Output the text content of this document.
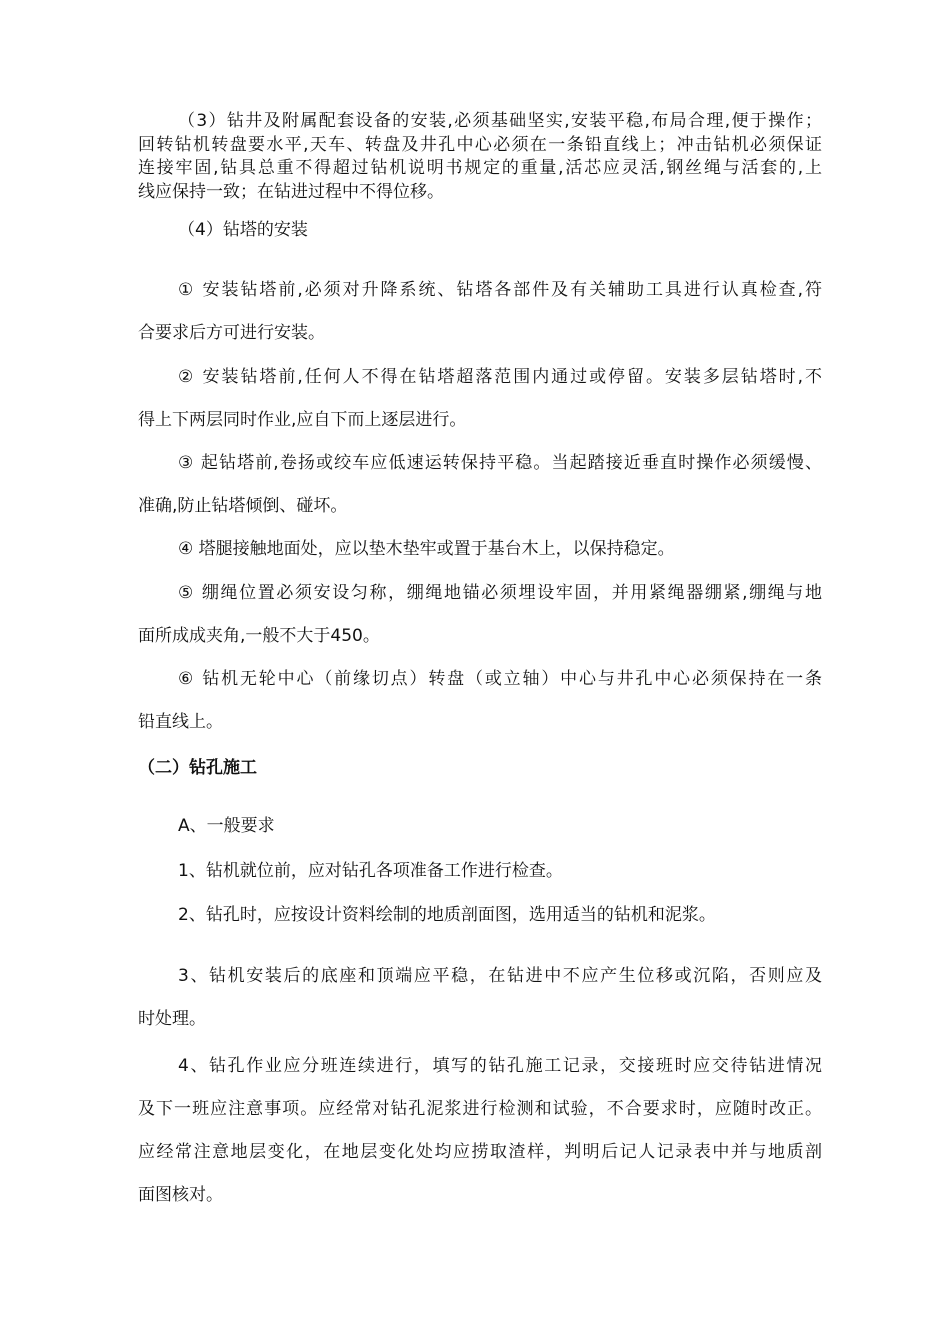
（3）钻井及附属配套设备的安装,必须基础坚实,安装平稳,布局合理,便于操作；
回转钻机转盘要水平,天车、转盘及井孔中心必须在一条铅直线上；冲击钻机必须保证
连接牢固,钻具总重不得超过钻机说明书规定的重量,活芯应灵活,钢丝绳与活套的,上
线应保持一致；在钻进过程中不得位移。
（4）钻塔的安装
① 安装钻塔前,必须对升降系统、钻塔各部件及有关辅助工具进行认真检查,符
合要求后方可进行安装。
② 安装钻塔前,任何人不得在钻塔超落范围内通过或停留。安装多层钻塔时,不
得上下两层同时作业,应自下而上逐层进行。
③ 起钻塔前,卷扬或绞车应低速运转保持平稳。当起踏接近垂直时操作必须缓慢、
准确,防止钻塔倾倒、碰坏。
④ 塔腿接触地面处，应以垫木垫牢或置于基台木上，以保持稳定。
⑤ 绷绳位置必须安设匀称，绷绳地锚必须埋设牢固，并用紧绳器绷紧,绷绳与地
面所成成夹角,一般不大于450。
⑥ 钻机无轮中心（前缘切点）转盘（或立轴）中心与井孔中心必须保持在一条
铅直线上。
（二）钻孔施工
A、一般要求
1、钻机就位前，应对钻孔各项准备工作进行检查。
2、钻孔时，应按设计资料绘制的地质剖面图，选用适当的钻机和泥浆。
3、钻机安装后的底座和顶端应平稳，在钻进中不应产生位移或沉陷，否则应及
时处理。
4、钻孔作业应分班连续进行，填写的钻孔施工记录，交接班时应交待钻进情况
及下一班应注意事项。应经常对钻孔泥浆进行检测和试验，不合要求时，应随时改正。
应经常注意地层变化，在地层变化处均应捞取渣样，判明后记人记录表中并与地质剖
面图核对。
